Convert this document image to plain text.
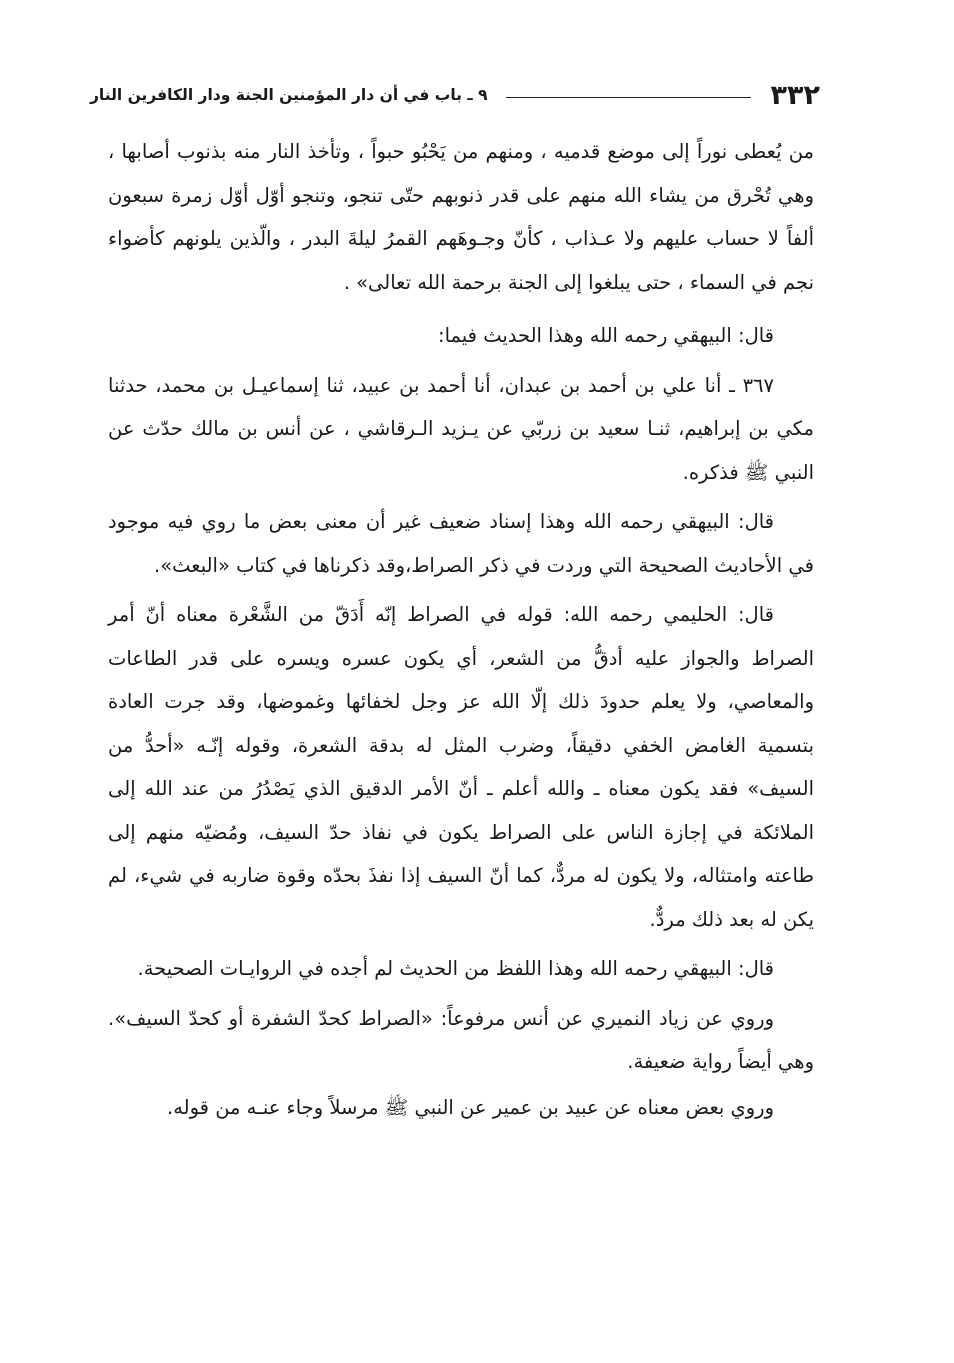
٣٣٢
٩ ـ باب في أن دار المؤمنين الجنة ودار الكافرين النار

من يُعطى نوراً إلى موضع قدميه ، ومنهم من يَحْبُو حبواً ، وتأخذ النار منه بذنوب أصابها ، وهي تُحْرق من يشاء الله منهم على قدر ذنوبهم حتّى تنجو، وتنجو أوّل أوّل زمرة سبعون ألفاً لا حساب عليهم ولا عـذاب ، كأنّ وجـوهَهم القمرُ ليلةَ البدر ، والّذين يلونهم كأضواء نجم في السماء ، حتى يبلغوا إلى الجنة برحمة الله تعالى» .

قال: البيهقي رحمه الله وهذا الحديث فيما:

٣٦٧ ـ أنا علي بن أحمد بن عبدان، أنا أحمد بن عبيد، ثنا إسماعيـل بن محمد، حدثنا مكي بن إبراهيم، ثنـا سعيد بن زربّي عن يـزيد الـرقاشي ، عن أنس بن مالك حدّث عن النبي ﷺ فذكره.

قال: البيهقي رحمه الله وهذا إسناد ضعيف غير أن معنى بعض ما روي فيه موجود في الأحاديث الصحيحة التي وردت في ذكر الصراط،وقد ذكرناها في كتاب «البعث».

قال: الحليمي رحمه الله: قوله في الصراط إنّه أَدَقّ من الشَّعْرة معناه أنّ أمر الصراط والجواز عليه أدقُّ من الشعر، أي يكون عسره ويسره على قدر الطاعات والمعاصي، ولا يعلم حدودَ ذلك إلّا الله عز وجل لخفائها وغموضها، وقد جرت العادة بتسمية الغامض الخفي دقيقاً، وضرب المثل له بدقة الشعرة، وقوله إنّـه «أحدُّ من السيف» فقد يكون معناه ـ والله أعلم ـ أنّ الأمر الدقيق الذي يَصْدُرُ من عند الله إلى الملائكة في إجازة الناس على الصراط يكون في نفاذ حدّ السيف، ومُضيّه منهم إلى طاعته وامتثاله، ولا يكون له مردٌّ، كما أنّ السيف إذا نفذَ بحدّه وقوة ضاربه في شيء، لم يكن له بعد ذلك مردٌّ.

قال: البيهقي رحمه الله وهذا اللفظ من الحديث لم أجده في الروايـات الصحيحة.

وروي عن زياد النميري عن أنس مرفوعاً: «الصراط كحدّ الشفرة أو كحدّ السيف». وهي أيضاً رواية ضعيفة.

وروي بعض معناه عن عبيد بن عمير عن النبي ﷺ مرسلاً وجاء عنـه من قوله.
